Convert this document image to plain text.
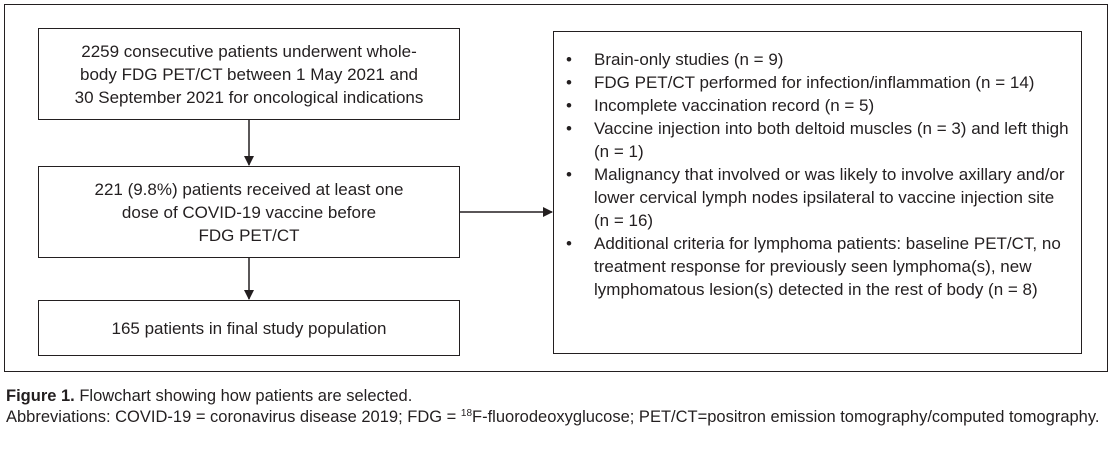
2259 consecutive patients underwent whole-
body FDG PET/CT between 1 May 2021 and
30 September 2021 for oncological indications
221 (9.8%) patients received at least one
dose of COVID-19 vaccine before
FDG PET/CT
165 patients in final study population
• Brain-only studies (n = 9)
• FDG PET/CT performed for infection/inflammation (n = 14)
• Incomplete vaccination record (n = 5)
• Vaccine injection into both deltoid muscles (n = 3) and left thigh (n = 1)
• Malignancy that involved or was likely to involve axillary and/or lower cervical lymph nodes ipsilateral to vaccine injection site (n = 16)
• Additional criteria for lymphoma patients: baseline PET/CT, no treatment response for previously seen lymphoma(s), new lymphomatous lesion(s) detected in the rest of body (n = 8)
Figure 1. Flowchart showing how patients are selected.
Abbreviations: COVID-19 = coronavirus disease 2019; FDG = $^{18}$F-fluorodeoxyglucose; PET/CT=positron emission tomography/computed tomography.
